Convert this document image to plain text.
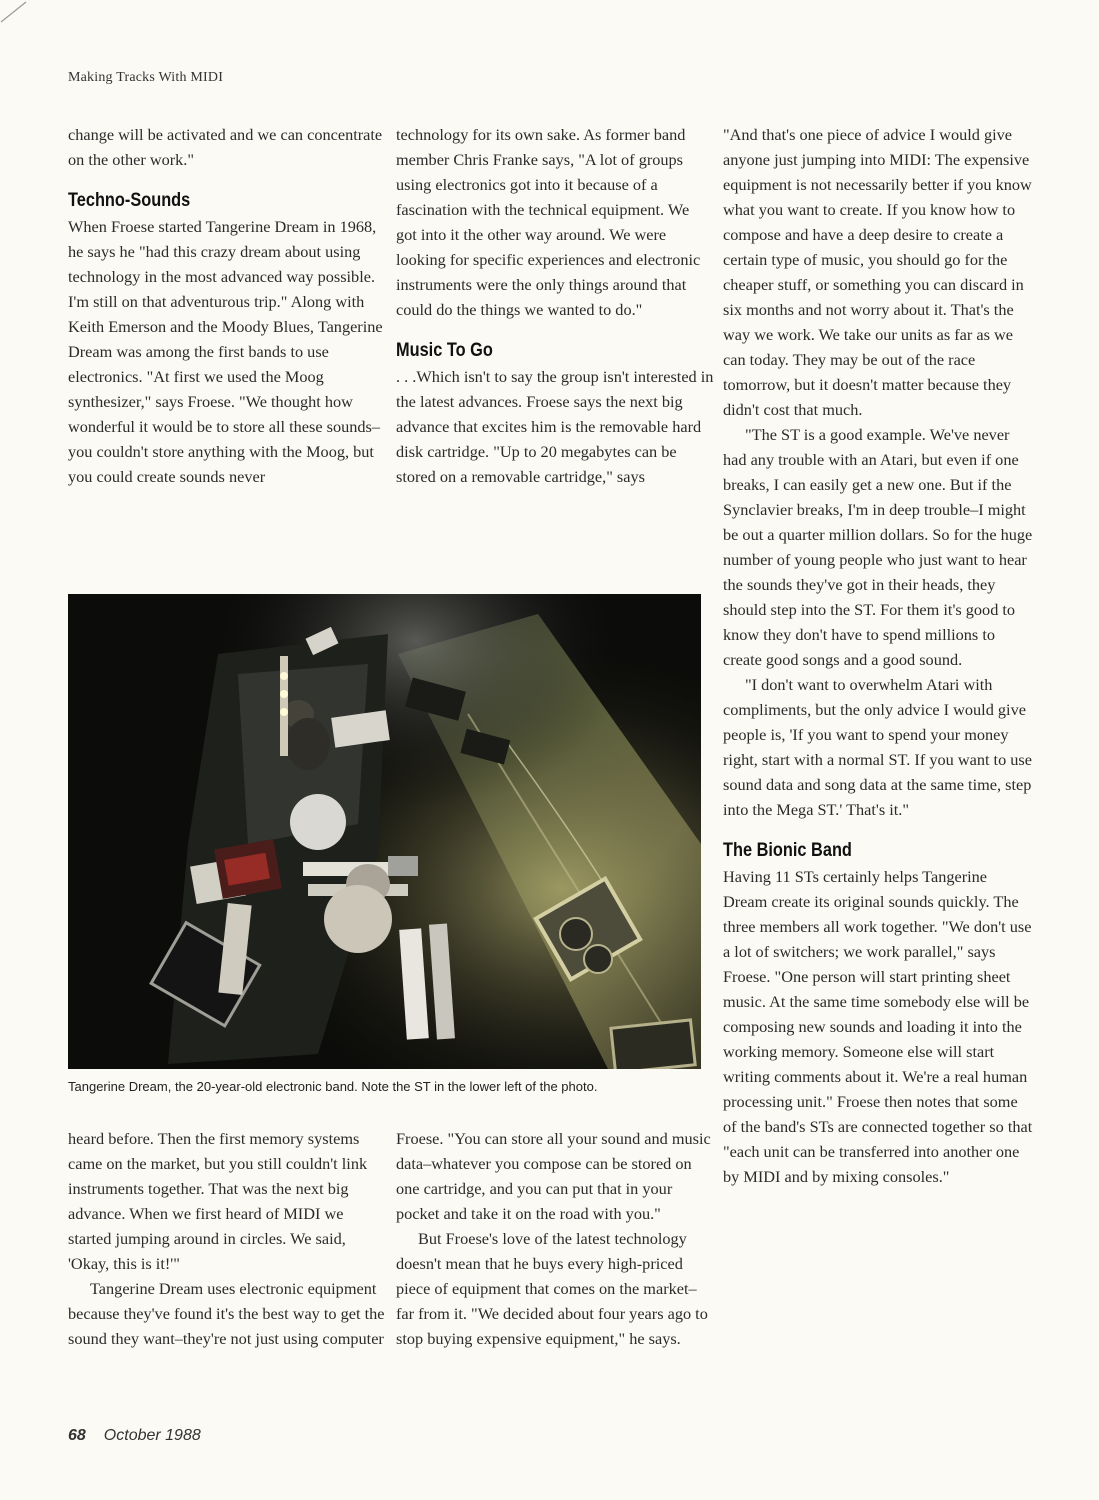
Making Tracks With MIDI

change will be activated and we can concentrate on the other work."

Techno-Sounds

When Froese started Tangerine Dream in 1968, he says he "had this crazy dream about using technology in the most advanced way possible. I'm still on that adventurous trip." Along with Keith Emerson and the Moody Blues, Tangerine Dream was among the first bands to use electronics. "At first we used the Moog synthesizer," says Froese. "We thought how wonderful it would be to store all these sounds–you couldn't store anything with the Moog, but you could create sounds never

technology for its own sake. As former band member Chris Franke says, "A lot of groups using electronics got into it because of a fascination with the technical equipment. We got into it the other way around. We were looking for specific experiences and electronic instruments were the only things around that could do the things we wanted to do."

Music To Go

. . .Which isn't to say the group isn't interested in the latest advances. Froese says the next big advance that excites him is the removable hard disk cartridge. "Up to 20 megabytes can be stored on a removable cartridge," says

"And that's one piece of advice I would give anyone just jumping into MIDI: The expensive equipment is not necessarily better if you know what you want to create. If you know how to compose and have a deep desire to create a certain type of music, you should go for the cheaper stuff, or something you can discard in six months and not worry about it. That's the way we work. We take our units as far as we can today. They may be out of the race tomorrow, but it doesn't matter because they didn't cost that much.

"The ST is a good example. We've never had any trouble with an Atari, but even if one breaks, I can easily get a new one. But if the Synclavier breaks, I'm in deep trouble–I might be out a quarter million dollars. So for the huge number of young people who just want to hear the sounds they've got in their heads, they should step into the ST. For them it's good to know they don't have to spend millions to create good songs and a good sound.

"I don't want to overwhelm Atari with compliments, but the only advice I would give people is, 'If you want to spend your money right, start with a normal ST. If you want to use sound data and song data at the same time, step into the Mega ST.' That's it."

The Bionic Band

Having 11 STs certainly helps Tangerine Dream create its original sounds quickly. The three members all work together. "We don't use a lot of switchers; we work parallel," says Froese. "One person will start printing sheet music. At the same time somebody else will be composing new sounds and loading it into the working memory. Someone else will start writing comments about it. We're a real human processing unit." Froese then notes that some of the band's STs are connected together so that "each unit can be transferred into another one by MIDI and by mixing consoles."

Tangerine Dream, the 20-year-old electronic band. Note the ST in the lower left of the photo.

heard before. Then the first memory systems came on the market, but you still couldn't link instruments together. That was the next big advance. When we first heard of MIDI we started jumping around in circles. We said, 'Okay, this is it!'"

Tangerine Dream uses electronic equipment because they've found it's the best way to get the sound they want–they're not just using computer

Froese. "You can store all your sound and music data–whatever you compose can be stored on one cartridge, and you can put that in your pocket and take it on the road with you."

But Froese's love of the latest technology doesn't mean that he buys every high-priced piece of equipment that comes on the market–far from it. "We decided about four years ago to stop buying expensive equipment," he says.

68 October 1988
